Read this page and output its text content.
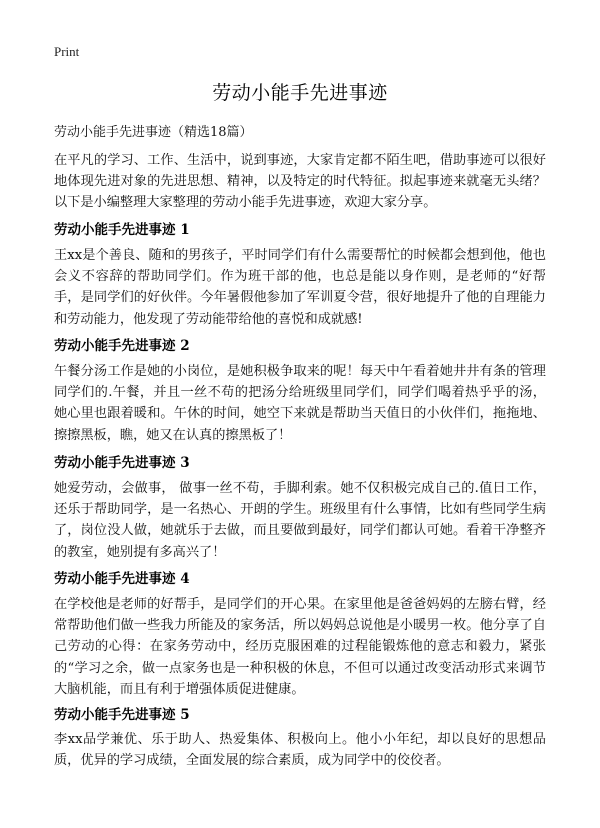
Print
劳动小能手先进事迹
劳动小能手先进事迹（精选18篇）

在平凡的学习、工作、生活中，说到事迹，大家肯定都不陌生吧，借助事迹可以很好地体现先进对象的先进思想、精神，以及特定的时代特征。拟起事迹来就毫无头绪？以下是小编整理大家整理的劳动小能手先进事迹，欢迎大家分享。

劳动小能手先进事迹 1

王xx是个善良、随和的男孩子，平时同学们有什么需要帮忙的时候都会想到他，他也会义不容辞的帮助同学们。作为班干部的他，也总是能以身作则，是老师的“好帮手，是同学们的好伙伴。今年暑假他参加了军训夏令营，很好地提升了他的自理能力和劳动能力，他发现了劳动能带给他的喜悦和成就感!

劳动小能手先进事迹 2

午餐分汤工作是她的小岗位，是她积极争取来的呢！每天中午看着她井井有条的管理同学们的.午餐，并且一丝不苟的把汤分给班级里同学们，同学们喝着热乎乎的汤，她心里也跟着暖和。午休的时间，她空下来就是帮助当天值日的小伙伴们，拖拖地、擦擦黑板，瞧，她又在认真的擦黑板了！

劳动小能手先进事迹 3

她爱劳动，会做事， 做事一丝不苟，手脚利索。她不仅积极完成自己的.值日工作，还乐于帮助同学，是一名热心、开朗的学生。班级里有什么事情，比如有些同学生病了，岗位没人做，她就乐于去做，而且要做到最好，同学们都认可她。看着干净整齐的教室，她别提有多高兴了！

劳动小能手先进事迹 4

在学校他是老师的好帮手，是同学们的开心果。在家里他是爸爸妈妈的左膀右臂，经常帮助他们做一些我力所能及的家务活，所以妈妈总说他是小暖男一枚。他分享了自己劳动的心得：在家务劳动中，经历克服困难的过程能锻炼他的意志和毅力，紧张的“学习之余，做一点家务也是一种积极的休息，不但可以通过改变活动形式来调节大脑机能，而且有利于增强体质促进健康。

劳动小能手先进事迹 5

李xx品学兼优、乐于助人、热爱集体、积极向上。他小小年纪，却以良好的思想品质，优异的学习成绩，全面发展的综合素质，成为同学中的佼佼者。
